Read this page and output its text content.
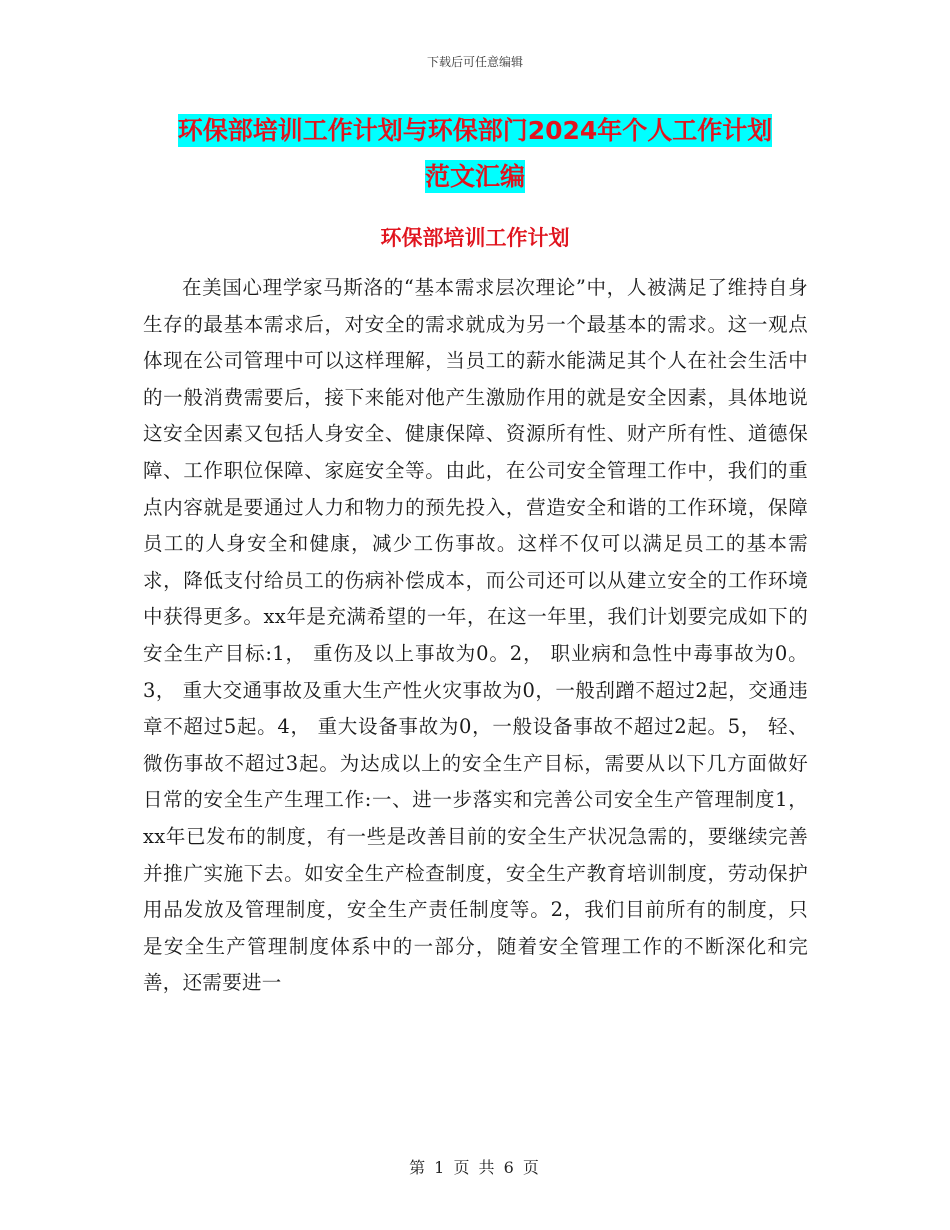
下载后可任意编辑
环保部培训工作计划与环保部门2024年个人工作计划
范文汇编
环保部培训工作计划

在美国心理学家马斯洛的“基本需求层次理论”中，人被满足了维持自身生存的最基本需求后，对安全的需求就成为另一个最基本的需求。这一观点体现在公司管理中可以这样理解，当员工的薪水能满足其个人在社会生活中的一般消费需要后，接下来能对他产生激励作用的就是安全因素，具体地说这安全因素又包括人身安全、健康保障、资源所有性、财产所有性、道德保障、工作职位保障、家庭安全等。由此，在公司安全管理工作中，我们的重点内容就是要通过人力和物力的预先投入，营造安全和谐的工作环境，保障员工的人身安全和健康，减少工伤事故。这样不仅可以满足员工的基本需求，降低支付给员工的伤病补偿成本，而公司还可以从建立安全的工作环境中获得更多。xx年是充满希望的一年，在这一年里，我们计划要完成如下的安全生产目标:1， 重伤及以上事故为0。2， 职业病和急性中毒事故为0。3， 重大交通事故及重大生产性火灾事故为0，一般刮蹭不超过2起，交通违章不超过5起。4， 重大设备事故为0，一般设备事故不超过2起。5， 轻、微伤事故不超过3起。为达成以上的安全生产目标，需要从以下几方面做好日常的安全生产生理工作:一、进一步落实和完善公司安全生产管理制度1，xx年已发布的制度，有一些是改善目前的安全生产状况急需的，要继续完善并推广实施下去。如安全生产检查制度，安全生产教育培训制度，劳动保护用品发放及管理制度，安全生产责任制度等。2，我们目前所有的制度，只是安全生产管理制度体系中的一部分，随着安全管理工作的不断深化和完善，还需要进一

第 1 页 共 6 页
